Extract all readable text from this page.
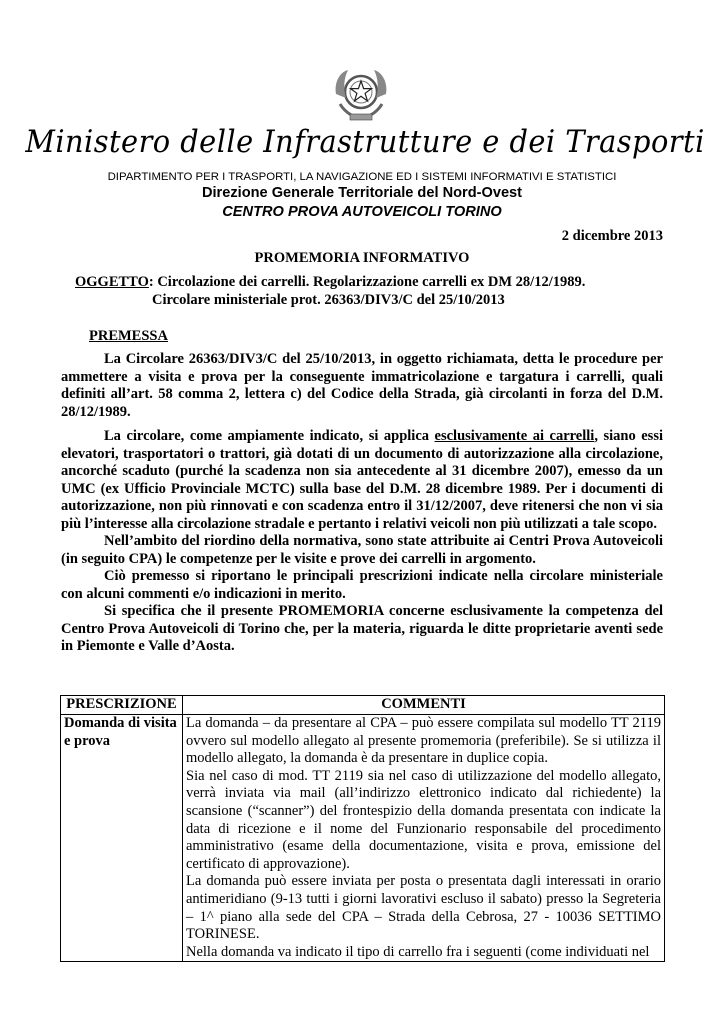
Ministero delle Infrastrutture e dei Trasporti
DIPARTIMENTO PER I TRASPORTI, LA NAVIGAZIONE ED I SISTEMI INFORMATIVI E STATISTICI
Direzione Generale Territoriale del Nord-Ovest
CENTRO PROVA AUTOVEICOLI TORINO
2 dicembre 2013
PROMEMORIA INFORMATIVO
OGGETTO: Circolazione dei carrelli. Regolarizzazione carrelli ex DM 28/12/1989.
Circolare ministeriale prot. 26363/DIV3/C del 25/10/2013
PREMESSA

La Circolare 26363/DIV3/C del 25/10/2013, in oggetto richiamata, detta le procedure per ammettere a visita e prova per la conseguente immatricolazione e targatura i carrelli, quali definiti all’art. 58 comma 2, lettera c) del Codice della Strada, già circolanti in forza del D.M. 28/12/1989.

La circolare, come ampiamente indicato, si applica esclusivamente ai carrelli, siano essi elevatori, trasportatori o trattori, già dotati di un documento di autorizzazione alla circolazione, ancorché scaduto (purché la scadenza non sia antecedente al 31 dicembre 2007), emesso da un UMC (ex Ufficio Provinciale MCTC) sulla base del D.M. 28 dicembre 1989. Per i documenti di autorizzazione, non più rinnovati e con scadenza entro il 31/12/2007, deve ritenersi che non vi sia più l’interesse alla circolazione stradale e pertanto i relativi veicoli non più utilizzati a tale scopo.

Nell’ambito del riordino della normativa, sono state attribuite ai Centri Prova Autoveicoli (in seguito CPA) le competenze per le visite e prove dei carrelli in argomento.

Ciò premesso si riportano le principali prescrizioni indicate nella circolare ministeriale con alcuni commenti e/o indicazioni in merito.

Si specifica che il presente PROMEMORIA concerne esclusivamente la competenza del Centro Prova Autoveicoli di Torino che, per la materia, riguarda le ditte proprietarie aventi sede in Piemonte e Valle d’Aosta.

PRESCRIZIONE	COMMENTI
Domanda di visita e prova	La domanda – da presentare al CPA – può essere compilata sul modello TT 2119 ovvero sul modello allegato al presente promemoria (preferibile). Se si utilizza il modello allegato, la domanda è da presentare in duplice copia.

Sia nel caso di mod. TT 2119 sia nel caso di utilizzazione del modello allegato, verrà inviata via mail (all’indirizzo elettronico indicato dal richiedente) la scansione (“scanner”) del frontespizio della domanda presentata con indicate la data di ricezione e il nome del Funzionario responsabile del procedimento amministrativo (esame della documentazione, visita e prova, emissione del certificato di approvazione).

La domanda può essere inviata per posta o presentata dagli interessati in orario antimeridiano (9-13 tutti i giorni lavorativi escluso il sabato) presso la Segreteria – 1^ piano alla sede del CPA – Strada della Cebrosa, 27 - 10036 SETTIMO TORINESE.

Nella domanda va indicato il tipo di carrello fra i seguenti (come individuati nel
